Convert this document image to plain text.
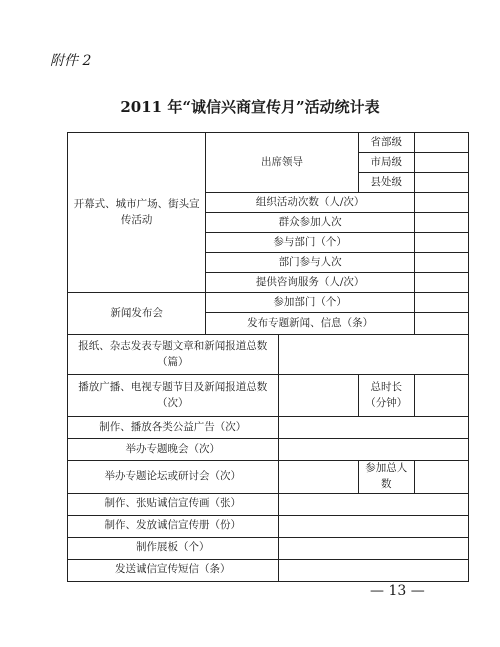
附件 2
2011 年“诚信兴商宣传月”活动统计表
开幕式、城市广场、街头宣传活动	出席领导		省部级	
			市局级	
			县处级	
	组织活动次数（人/次）			
	群众参加人次			
	参与部门（个）			
	部门参与人次			
	提供咨询服务（人/次）			
新闻发布会	参加部门（个）			
	发布专题新闻、信息（条）			
报纸、杂志发表专题文章和新闻报道总数（篇）				
播放广播、电视专题节目及新闻报道总数（次）			总时长（分钟）	
制作、播放各类公益广告（次）				
举办专题晚会（次）				
举办专题论坛或研讨会（次）			参加总人数	
制作、张贴诚信宣传画（张）				
制作、发放诚信宣传册（份）				
制作展板（个）				
发送诚信宣传短信（条）				
— 13 —
